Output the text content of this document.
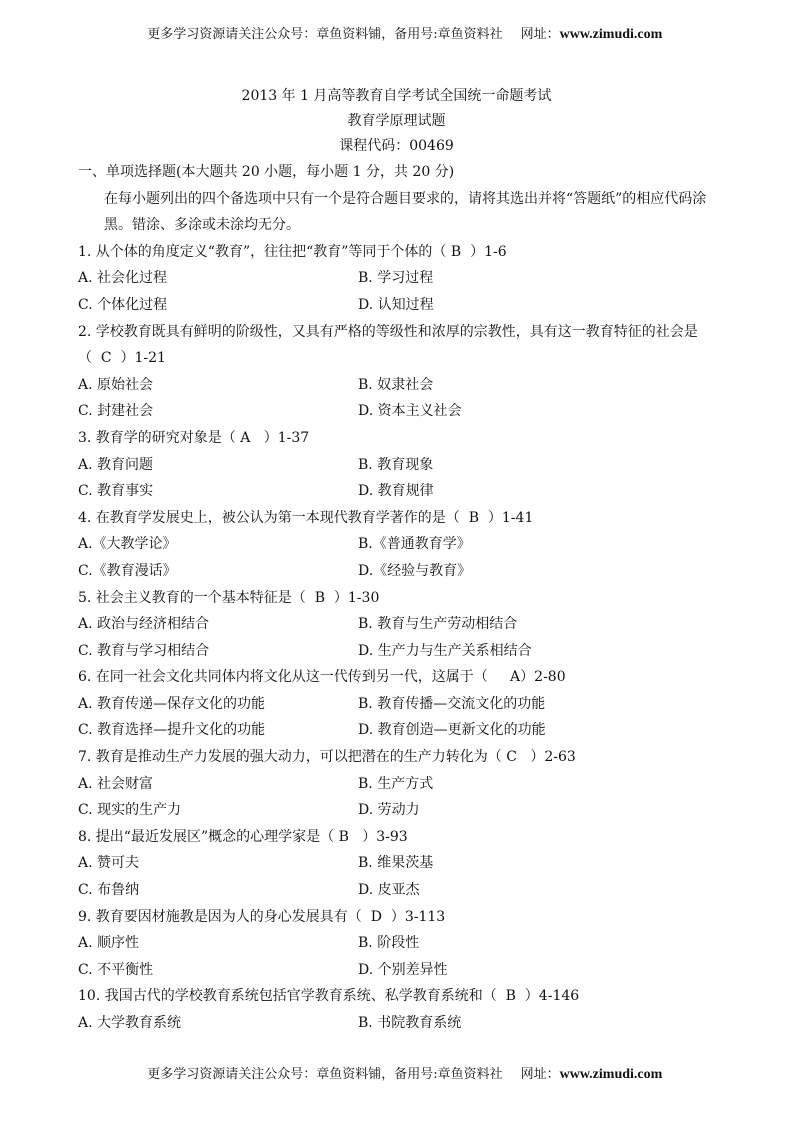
更多学习资源请关注公众号：章鱼资料铺，备用号:章鱼资料社 网址：www.zimudi.com

2013 年 1 月高等教育自学考试全国统一命题考试
教育学原理试题
课程代码：00469
一、单项选择题(本大题共 20 小题，每小题 1 分，共 20 分)
在每小题列出的四个备选项中只有一个是符合题目要求的，请将其选出并将“答题纸”的相应代码涂
黑。错涂、多涂或未涂均无分。
1. 从个体的角度定义“教育”，往往把“教育”等同于个体的（ B  ）1-6
A. 社会化过程	B. 学习过程
C. 个体化过程	D. 认知过程
2. 学校教育既具有鲜明的阶级性，又具有严格的等级性和浓厚的宗教性，具有这一教育特征的社会是
（  C  ）1-21
A. 原始社会	B. 奴隶社会
C. 封建社会	D. 资本主义社会
3. 教育学的研究对象是（ A   ）1-37
A. 教育问题	B. 教育现象
C. 教育事实	D. 教育规律
4. 在教育学发展史上，被公认为第一本现代教育学著作的是（  B  ）1-41
A.《大教学论》	B.《普通教育学》
C.《教育漫话》	D.《经验与教育》
5. 社会主义教育的一个基本特征是（  B  ）1-30
A. 政治与经济相结合	B. 教育与生产劳动相结合
C. 教育与学习相结合	D. 生产力与生产关系相结合
6. 在同一社会文化共同体内将文化从这一代传到另一代，这属于（     A）2-80
A. 教育传递—保存文化的功能	B. 教育传播—交流文化的功能
C. 教育选择—提升文化的功能	D. 教育创造—更新文化的功能
7. 教育是推动生产力发展的强大动力，可以把潜在的生产力转化为（ C   ）2-63
A. 社会财富	B. 生产方式
C. 现实的生产力	D. 劳动力
8. 提出“最近发展区”概念的心理学家是（ B   ）3-93
A. 赞可夫	B. 维果茨基
C. 布鲁纳	D. 皮亚杰
9. 教育要因材施教是因为人的身心发展具有（  D  ）3-113
A. 顺序性	B. 阶段性
C. 不平衡性	D. 个别差异性
10. 我国古代的学校教育系统包括官学教育系统、私学教育系统和（  B  ）4-146
A. 大学教育系统	B. 书院教育系统

更多学习资源请关注公众号：章鱼资料铺，备用号:章鱼资料社 网址：www.zimudi.com
